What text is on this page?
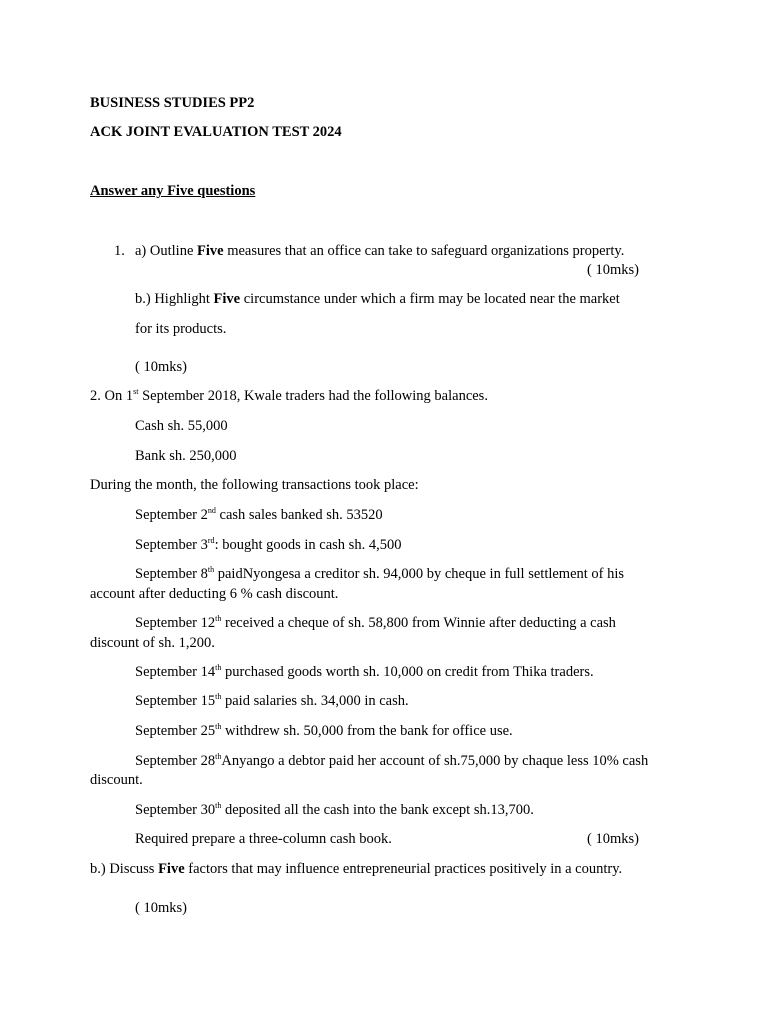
BUSINESS STUDIES PP2
ACK JOINT EVALUATION TEST 2024
Answer any Five questions
1. a) Outline Five measures that an office can take to safeguard organizations property.
( 10mks)
b.) Highlight Five circumstance under which a firm may be located near the market
for its products.
( 10mks)
2. On 1st September 2018, Kwale traders had the following balances.
Cash sh. 55,000
Bank sh. 250,000
During the month, the following transactions took place:
September 2nd cash sales banked sh. 53520
September 3rd: bought goods in cash sh. 4,500
September 8th paidNyongesa a creditor sh. 94,000 by cheque in full settlement of his
account after deducting 6 % cash discount.
September 12th received a cheque of sh. 58,800 from Winnie after deducting a cash
discount of sh. 1,200.
September 14th purchased goods worth sh. 10,000 on credit from Thika traders.
September 15th paid salaries sh. 34,000 in cash.
September 25th withdrew sh. 50,000 from the bank for office use.
September 28thAnyango a debtor paid her account of sh.75,000 by chaque less 10% cash
discount.
September 30th deposited all the cash into the bank except sh.13,700.
Required prepare a three-column cash book.	( 10mks)
b.) Discuss Five factors that may influence entrepreneurial practices positively in a country.
( 10mks)
